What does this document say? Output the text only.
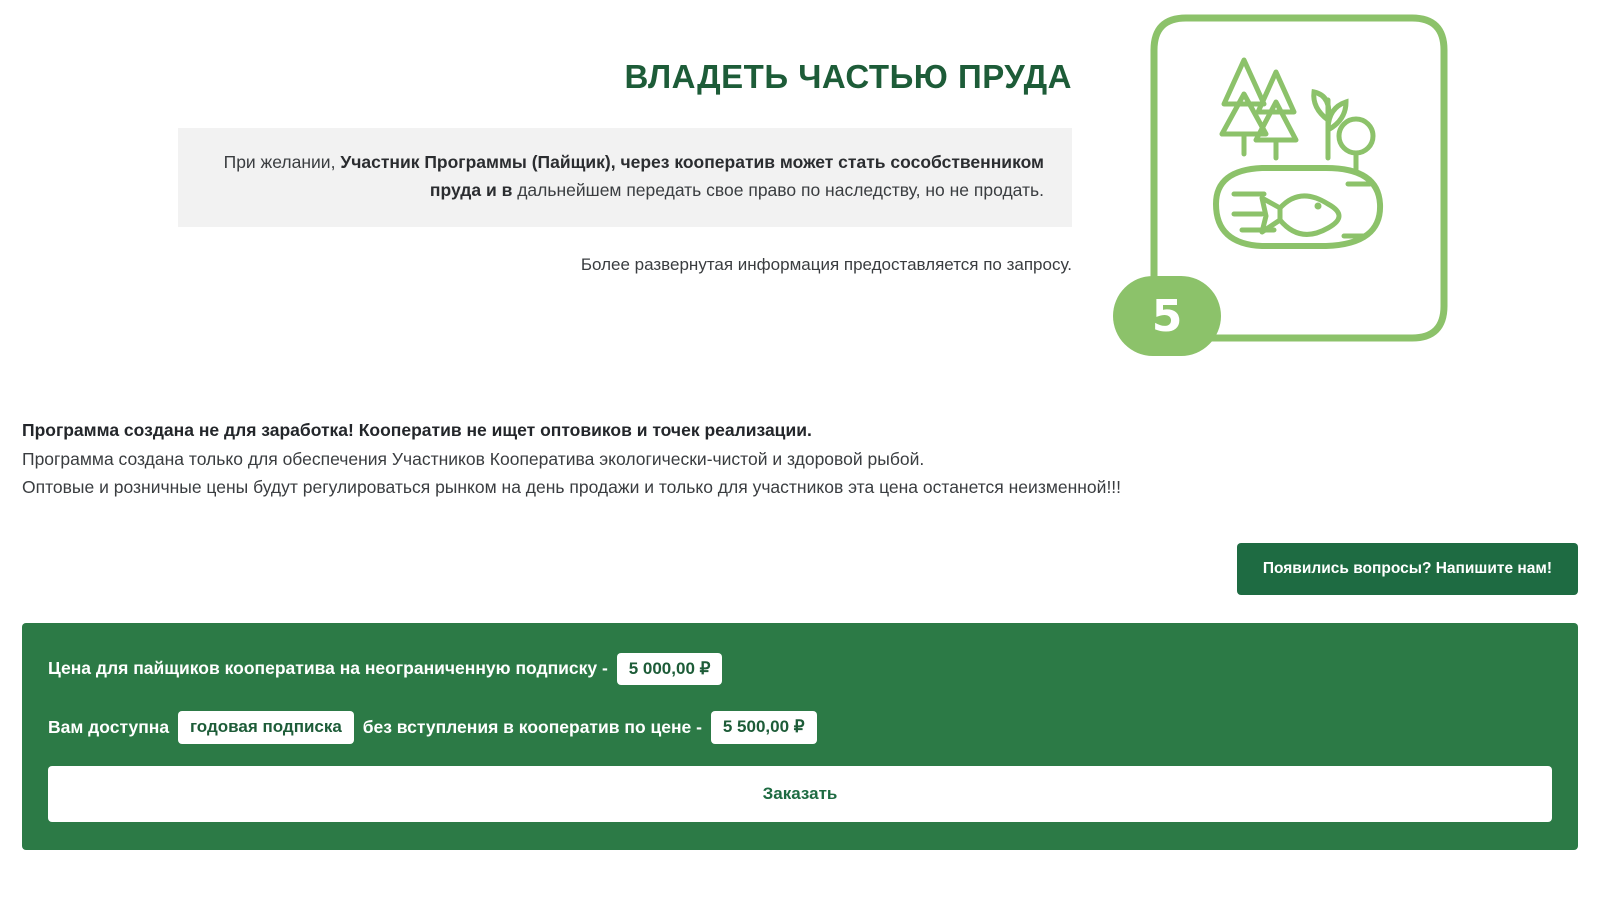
ВЛАДЕТЬ ЧАСТЬЮ ПРУДА
При желании, Участник Программы (Пайщик), через кооператив может стать сособственником пруда и в дальнейшем передать свое право по наследству, но не продать.
Более развернутая информация предоставляется по запросу.
5

Программа создана не для заработка! Кооператив не ищет оптовиков и точек реализации.

Программа создана только для обеспечения Участников Кооператива экологически-чистой и здоровой рыбой.

Оптовые и розничные цены будут регулироваться рынком на день продажи и только для участников эта цена останется неизменной!!!

Появились вопросы? Напишите нам!
Цена для пайщиков кооператива на неограниченную подписку - 5 000,00 ₽
Вам доступна годовая подписка без вступления в кооператив по цене - 5 500,00 ₽
Заказать
